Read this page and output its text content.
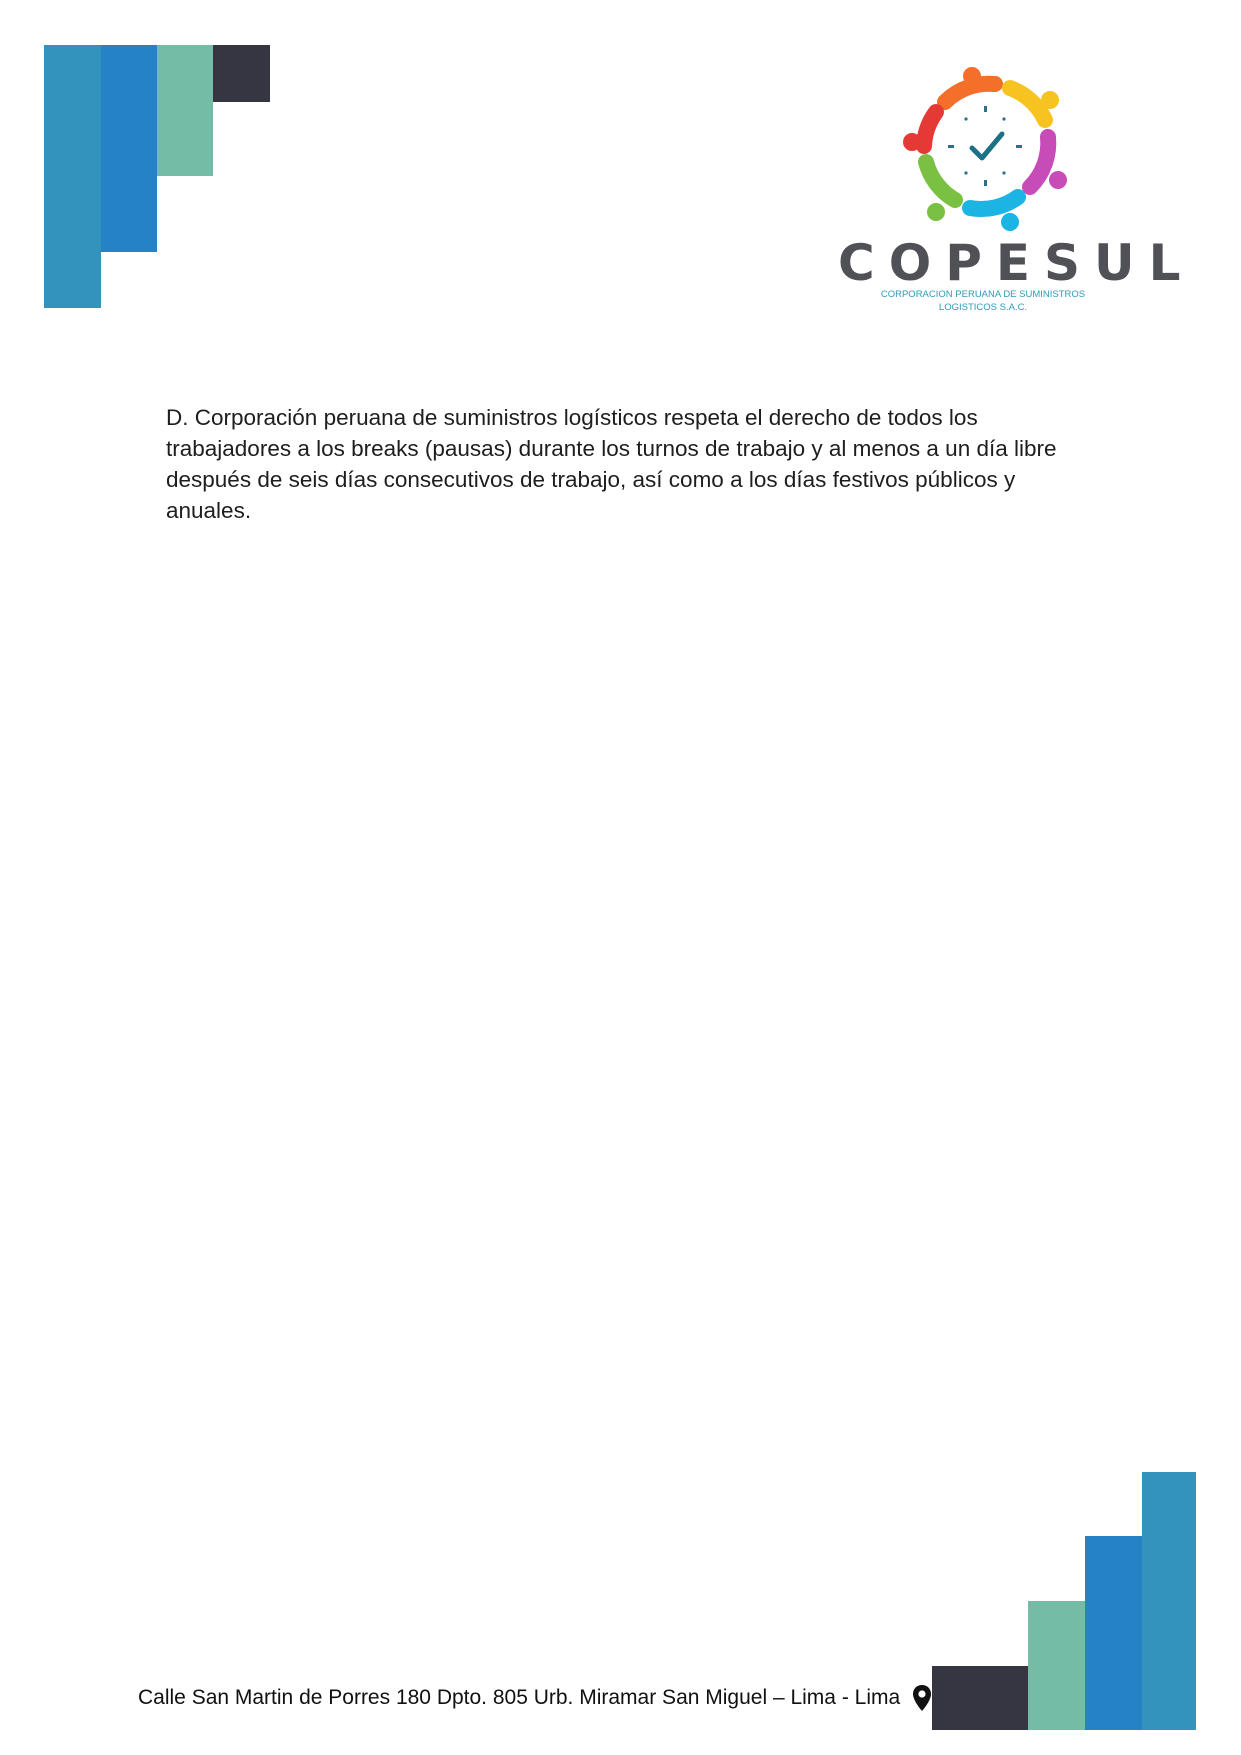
COPESUL
CORPORACION PERUANA DE SUMINISTROS
LOGISTICOS S.A.C.
D. Corporación peruana de suministros logísticos respeta el derecho de todos los trabajadores a los breaks (pausas) durante los turnos de trabajo y al menos a un día libre después de seis días consecutivos de trabajo, así como a los días festivos públicos y anuales.
Calle San Martin de Porres 180 Dpto. 805 Urb. Miramar San Miguel – Lima - Lima
